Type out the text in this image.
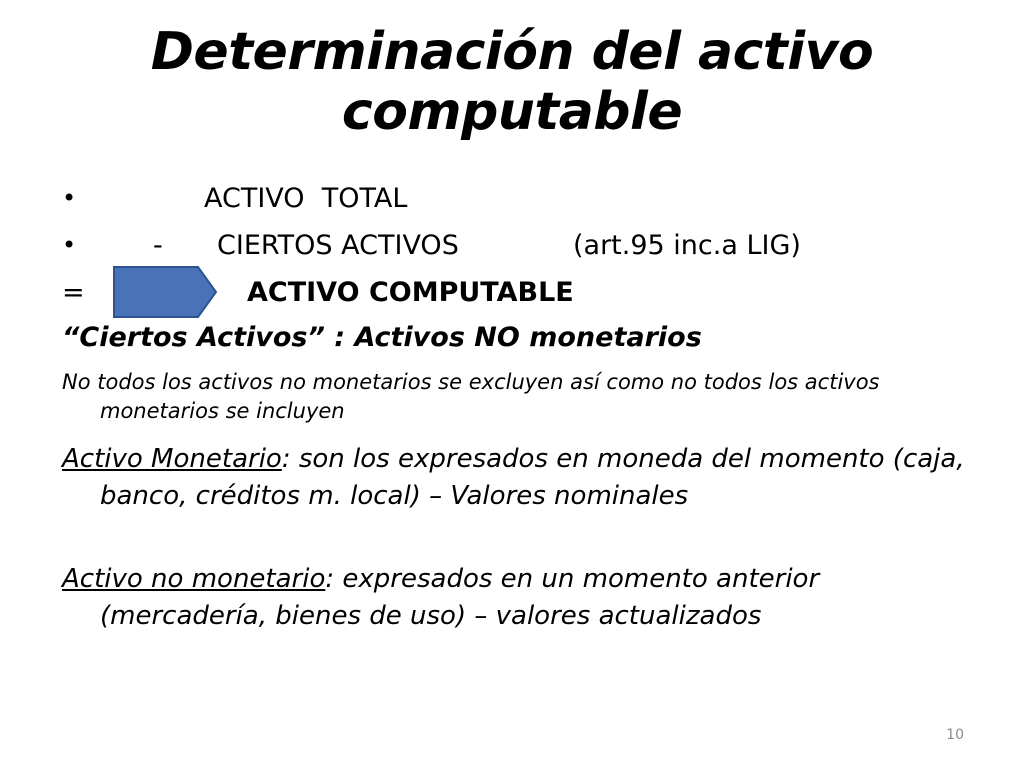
Determinación del activo computable
•	ACTIVO  TOTAL
•	- CIERTOS ACTIVOS	(art.95 inc.a LIG)
=	ACTIVO COMPUTABLE
“Ciertos Activos” : Activos NO monetarios
No todos los activos no monetarios se excluyen así como no todos los activos monetarios se incluyen
Activo Monetario: son los expresados en moneda del momento (caja, banco, créditos m. local) – Valores nominales
Activo no monetario: expresados en un momento anterior (mercadería, bienes de uso) – valores actualizados
10
